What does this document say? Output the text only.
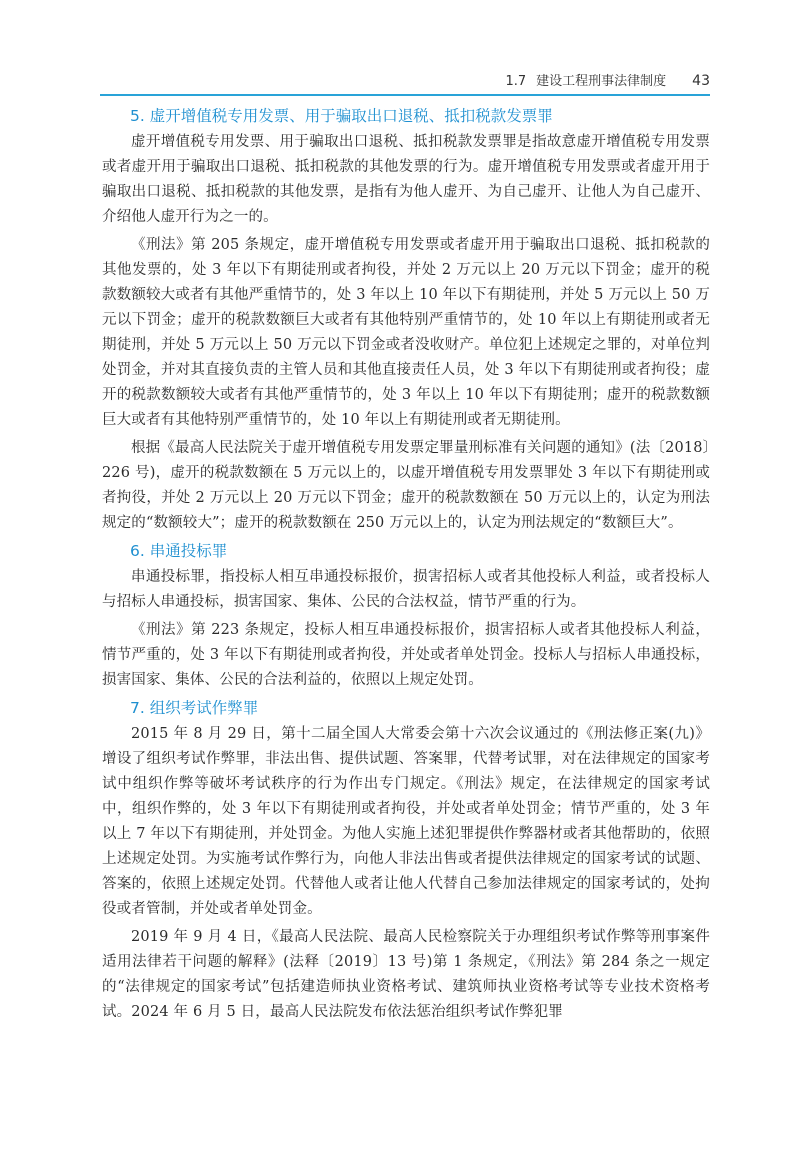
1.7 建设工程刑事法律制度 43
5. 虚开增值税专用发票、用于骗取出口退税、抵扣税款发票罪

虚开增值税专用发票、用于骗取出口退税、抵扣税款发票罪是指故意虚开增值税专用发票或者虚开用于骗取出口退税、抵扣税款的其他发票的行为。虚开增值税专用发票或者虚开用于骗取出口退税、抵扣税款的其他发票，是指有为他人虚开、为自己虚开、让他人为自己虚开、介绍他人虚开行为之一的。

《刑法》第 205 条规定，虚开增值税专用发票或者虚开用于骗取出口退税、抵扣税款的其他发票的，处 3 年以下有期徒刑或者拘役，并处 2 万元以上 20 万元以下罚金；虚开的税款数额较大或者有其他严重情节的，处 3 年以上 10 年以下有期徒刑，并处 5 万元以上 50 万元以下罚金；虚开的税款数额巨大或者有其他特别严重情节的，处 10 年以上有期徒刑或者无期徒刑，并处 5 万元以上 50 万元以下罚金或者没收财产。单位犯上述规定之罪的，对单位判处罚金，并对其直接负责的主管人员和其他直接责任人员，处 3 年以下有期徒刑或者拘役；虚开的税款数额较大或者有其他严重情节的，处 3 年以上 10 年以下有期徒刑；虚开的税款数额巨大或者有其他特别严重情节的，处 10 年以上有期徒刑或者无期徒刑。

根据《最高人民法院关于虚开增值税专用发票定罪量刑标准有关问题的通知》(法〔2018〕226 号)，虚开的税款数额在 5 万元以上的，以虚开增值税专用发票罪处 3 年以下有期徒刑或者拘役，并处 2 万元以上 20 万元以下罚金；虚开的税款数额在 50 万元以上的，认定为刑法规定的“数额较大”；虚开的税款数额在 250 万元以上的，认定为刑法规定的“数额巨大”。

6. 串通投标罪

串通投标罪，指投标人相互串通投标报价，损害招标人或者其他投标人利益，或者投标人与招标人串通投标，损害国家、集体、公民的合法权益，情节严重的行为。

《刑法》第 223 条规定，投标人相互串通投标报价，损害招标人或者其他投标人利益，情节严重的，处 3 年以下有期徒刑或者拘役，并处或者单处罚金。投标人与招标人串通投标，损害国家、集体、公民的合法利益的，依照以上规定处罚。

7. 组织考试作弊罪

2015 年 8 月 29 日，第十二届全国人大常委会第十六次会议通过的《刑法修正案(九)》增设了组织考试作弊罪，非法出售、提供试题、答案罪，代替考试罪，对在法律规定的国家考试中组织作弊等破坏考试秩序的行为作出专门规定。《刑法》规定，在法律规定的国家考试中，组织作弊的，处 3 年以下有期徒刑或者拘役，并处或者单处罚金；情节严重的，处 3 年以上 7 年以下有期徒刑，并处罚金。为他人实施上述犯罪提供作弊器材或者其他帮助的，依照上述规定处罚。为实施考试作弊行为，向他人非法出售或者提供法律规定的国家考试的试题、答案的，依照上述规定处罚。代替他人或者让他人代替自己参加法律规定的国家考试的，处拘役或者管制，并处或者单处罚金。

2019 年 9 月 4 日，《最高人民法院、最高人民检察院关于办理组织考试作弊等刑事案件适用法律若干问题的解释》(法释〔2019〕13 号)第 1 条规定，《刑法》第 284 条之一规定的“法律规定的国家考试”包括建造师执业资格考试、建筑师执业资格考试等专业技术资格考试。2024 年 6 月 5 日，最高人民法院发布依法惩治组织考试作弊犯罪
